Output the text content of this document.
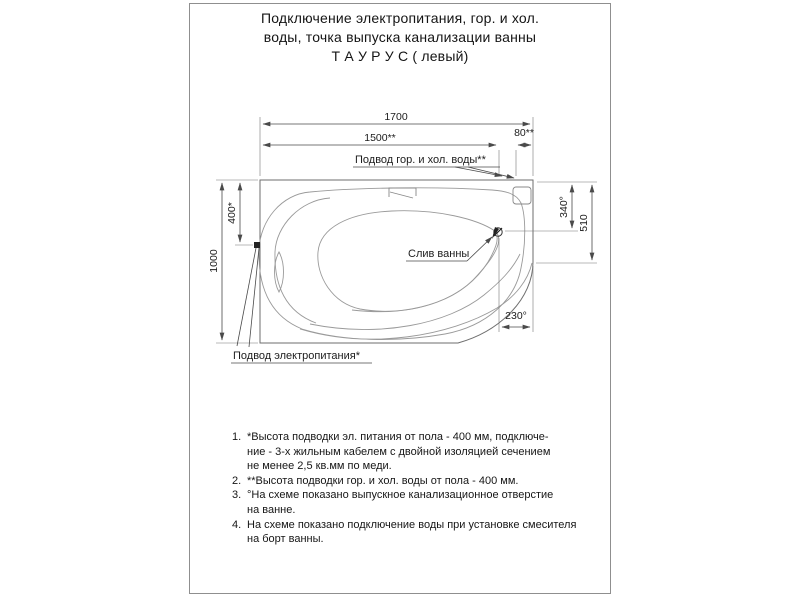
Подключение электропитания, гор. и хол.
воды, точка выпуска канализации ванны
Т А У Р У С ( левый)
1700
1500**	80**
1000
400*	340°
510
230°
Подвод гор. и хол. воды**
Слив ванны
Подвод электропитания*
1. *Высота подводки эл. питания от пола - 400 мм, подключе-
ние - 3-х жильным кабелем с двойной изоляцией сечением
не менее 2,5 кв.мм по меди.
2. **Высота подводки гор. и хол. воды от пола - 400 мм.
3. °На схеме показано выпускное канализационное отверстие
на ванне.
4. На схеме показано подключение воды при установке смесителя
на борт ванны.
